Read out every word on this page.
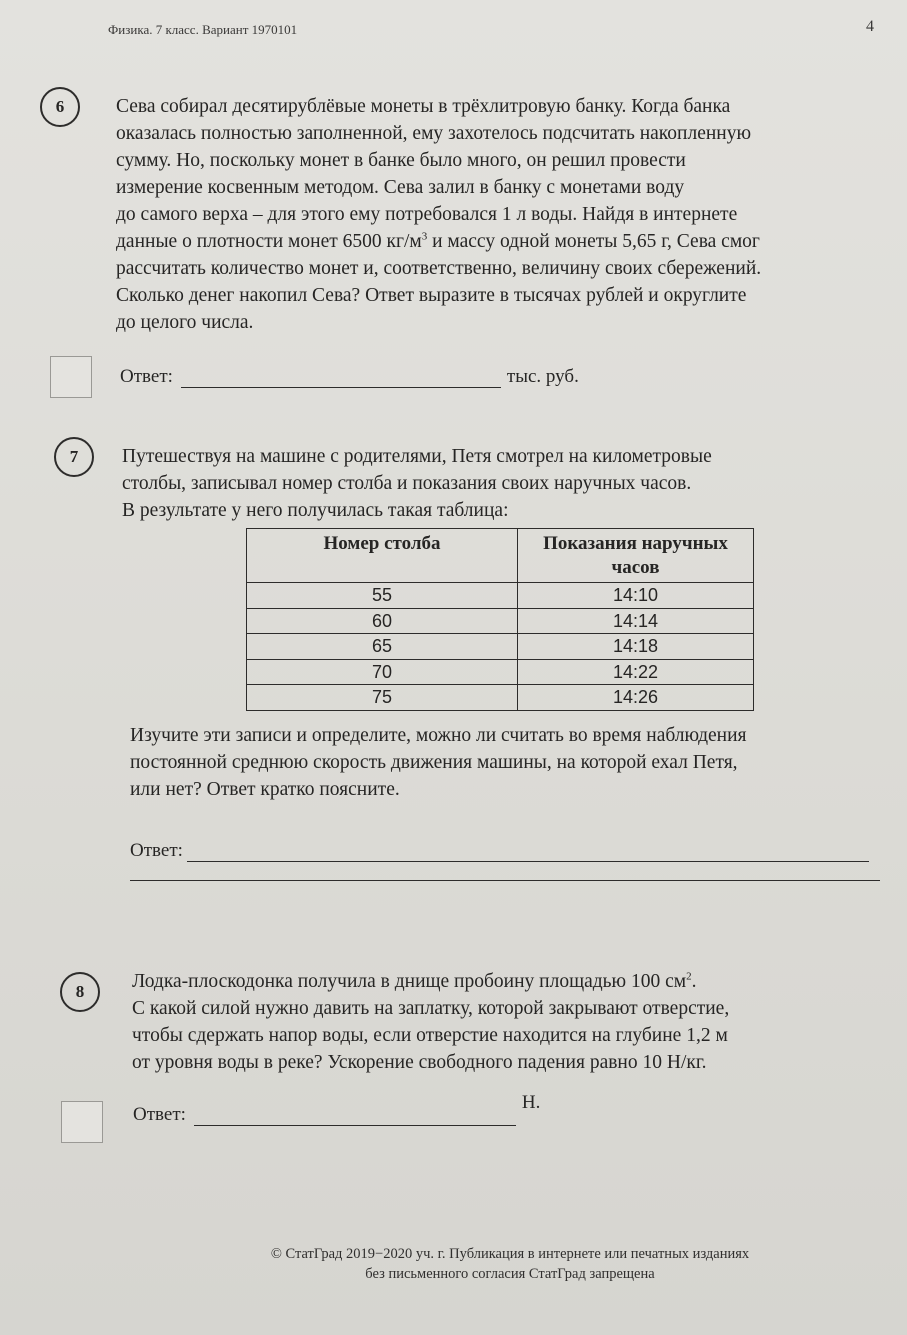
Физика. 7 класс. Вариант 1970101	4
6	Сева собирал десятирублёвые монеты в трёхлитровую банку. Когда банка
оказалась полностью заполненной, ему захотелось подсчитать накопленную
сумму. Но, поскольку монет в банке было много, он решил провести
измерение косвенным методом. Сева залил в банку с монетами воду
до самого верха – для этого ему потребовался 1 л воды. Найдя в интернете
данные о плотности монет 6500 $кг/м^3$ и массу одной монеты 5,65 г, Сева смог
рассчитать количество монет и, соответственно, величину своих сбережений.
Сколько денег накопил Сева? Ответ выразите в тысячах рублей и округлите
до целого числа.
Ответ:	тыс. руб.
7	Путешествуя на машине с родителями, Петя смотрел на километровые
столбы, записывал номер столба и показания своих наручных часов.
В результате у него получилась такая таблица:
Номер столба	Показания наручных часов
55	14:10
60	14:14
65	14:18
70	14:22
75	14:26
Изучите эти записи и определите, можно ли считать во время наблюдения
постоянной среднюю скорость движения машины, на которой ехал Петя,
или нет? Ответ кратко поясните.
Ответ:
8	Лодка-плоскодонка получила в днище пробоину площадью 100 $см^2$.
С какой силой нужно давить на заплатку, которой закрывают отверстие,
чтобы сдержать напор воды, если отверстие находится на глубине 1,2 м
от уровня воды в реке? Ускорение свободного падения равно 10 Н/кг.
Ответ:
Н.
© СтатГрад 2019−2020 уч. г. Публикация в интернете или печатных изданиях
без письменного согласия СтатГрад запрещена
